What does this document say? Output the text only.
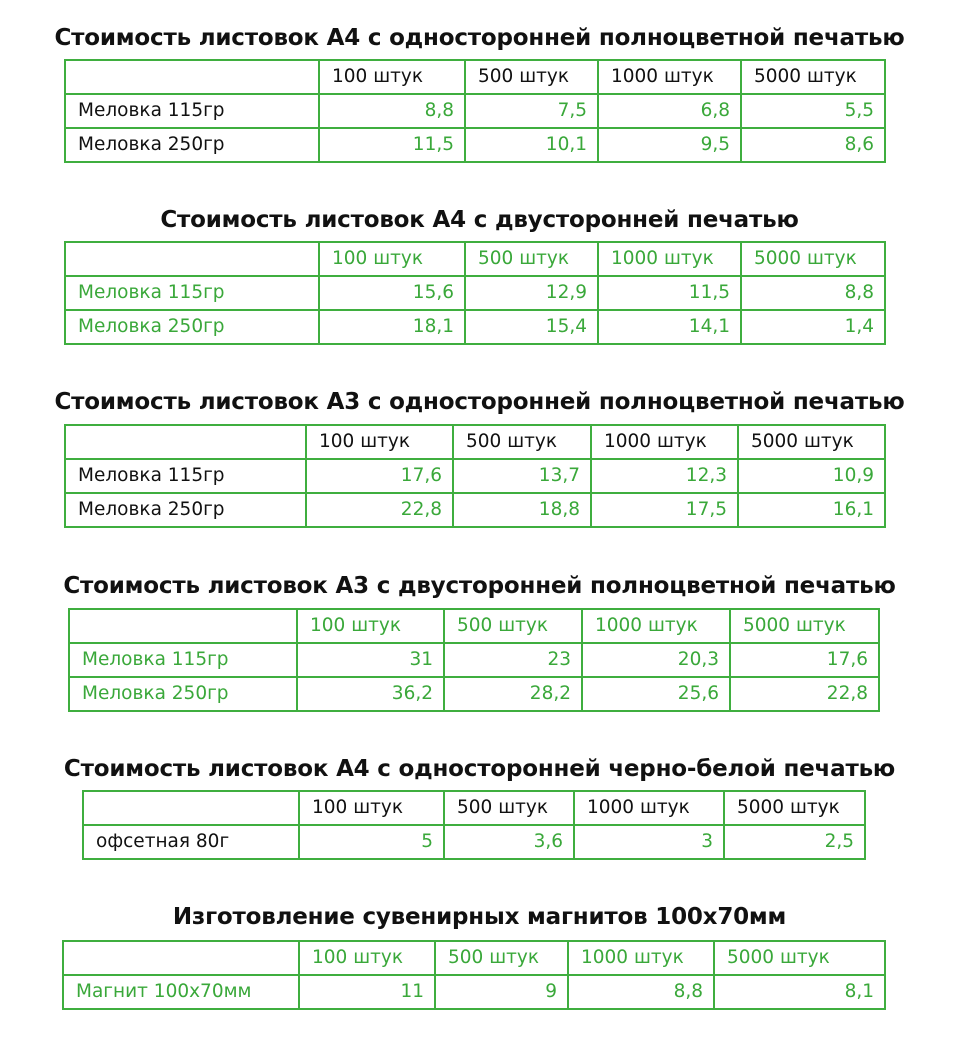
Стоимость листовок А4 с односторонней полноцветной печатью
	100 штук	500 штук	1000 штук	5000 штук
Меловка 115гр	8,8	7,5	6,8	5,5
Меловка 250гр	11,5	10,1	9,5	8,6
Стоимость листовок А4 с двусторонней печатью
	100 штук	500 штук	1000 штук	5000 штук
Меловка 115гр	15,6	12,9	11,5	8,8
Меловка 250гр	18,1	15,4	14,1	1,4
Стоимость листовок А3 с односторонней полноцветной печатью
	100 штук	500 штук	1000 штук	5000 штук
Меловка 115гр	17,6	13,7	12,3	10,9
Меловка 250гр	22,8	18,8	17,5	16,1
Стоимость листовок А3 с двусторонней полноцветной печатью
	100 штук	500 штук	1000 штук	5000 штук
Меловка 115гр	31	23	20,3	17,6
Меловка 250гр	36,2	28,2	25,6	22,8
Стоимость листовок А4 с односторонней черно-белой печатью
	100 штук	500 штук	1000 штук	5000 штук
офсетная 80г	5	3,6	3	2,5
Изготовление сувенирных магнитов 100х70мм
	100 штук	500 штук	1000 штук	5000 штук
Магнит 100х70мм	11	9	8,8	8,1
